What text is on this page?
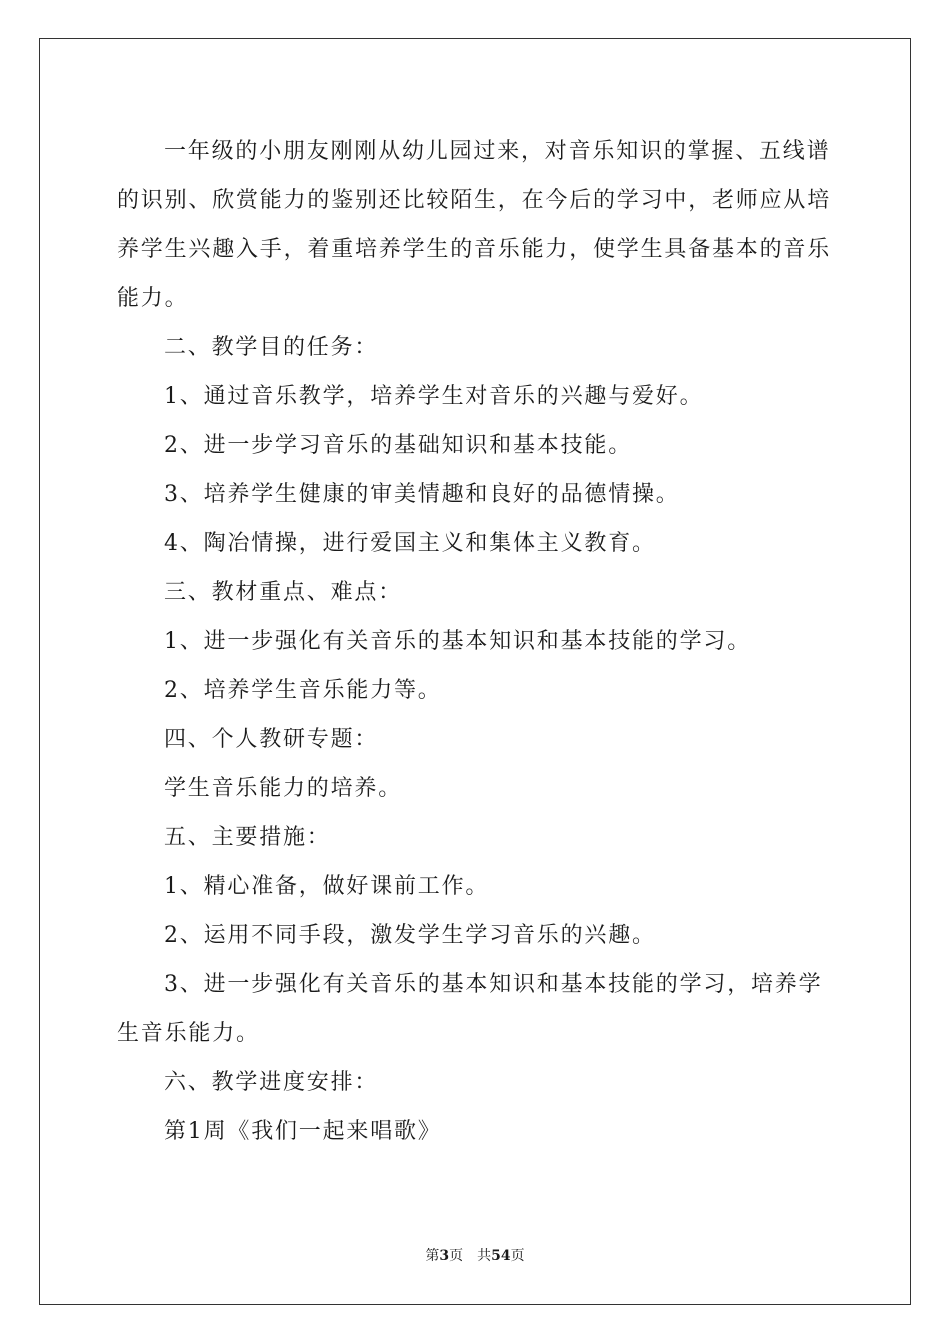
一年级的小朋友刚刚从幼儿园过来，对音乐知识的掌握、五线谱的识别、欣赏能力的鉴别还比较陌生，在今后的学习中，老师应从培养学生兴趣入手，着重培养学生的音乐能力，使学生具备基本的音乐能力。

二、教学目的任务：

1、通过音乐教学，培养学生对音乐的兴趣与爱好。

2、进一步学习音乐的基础知识和基本技能。

3、培养学生健康的审美情趣和良好的品德情操。

4、陶冶情操，进行爱国主义和集体主义教育。

三、教材重点、难点：

1、进一步强化有关音乐的基本知识和基本技能的学习。

2、培养学生音乐能力等。

四、个人教研专题：

学生音乐能力的培养。

五、主要措施：

1、精心准备，做好课前工作。

2、运用不同手段，激发学生学习音乐的兴趣。

3、进一步强化有关音乐的基本知识和基本技能的学习，培养学生音乐能力。

六、教学进度安排：

第1周《我们一起来唱歌》

第3页 共54页
